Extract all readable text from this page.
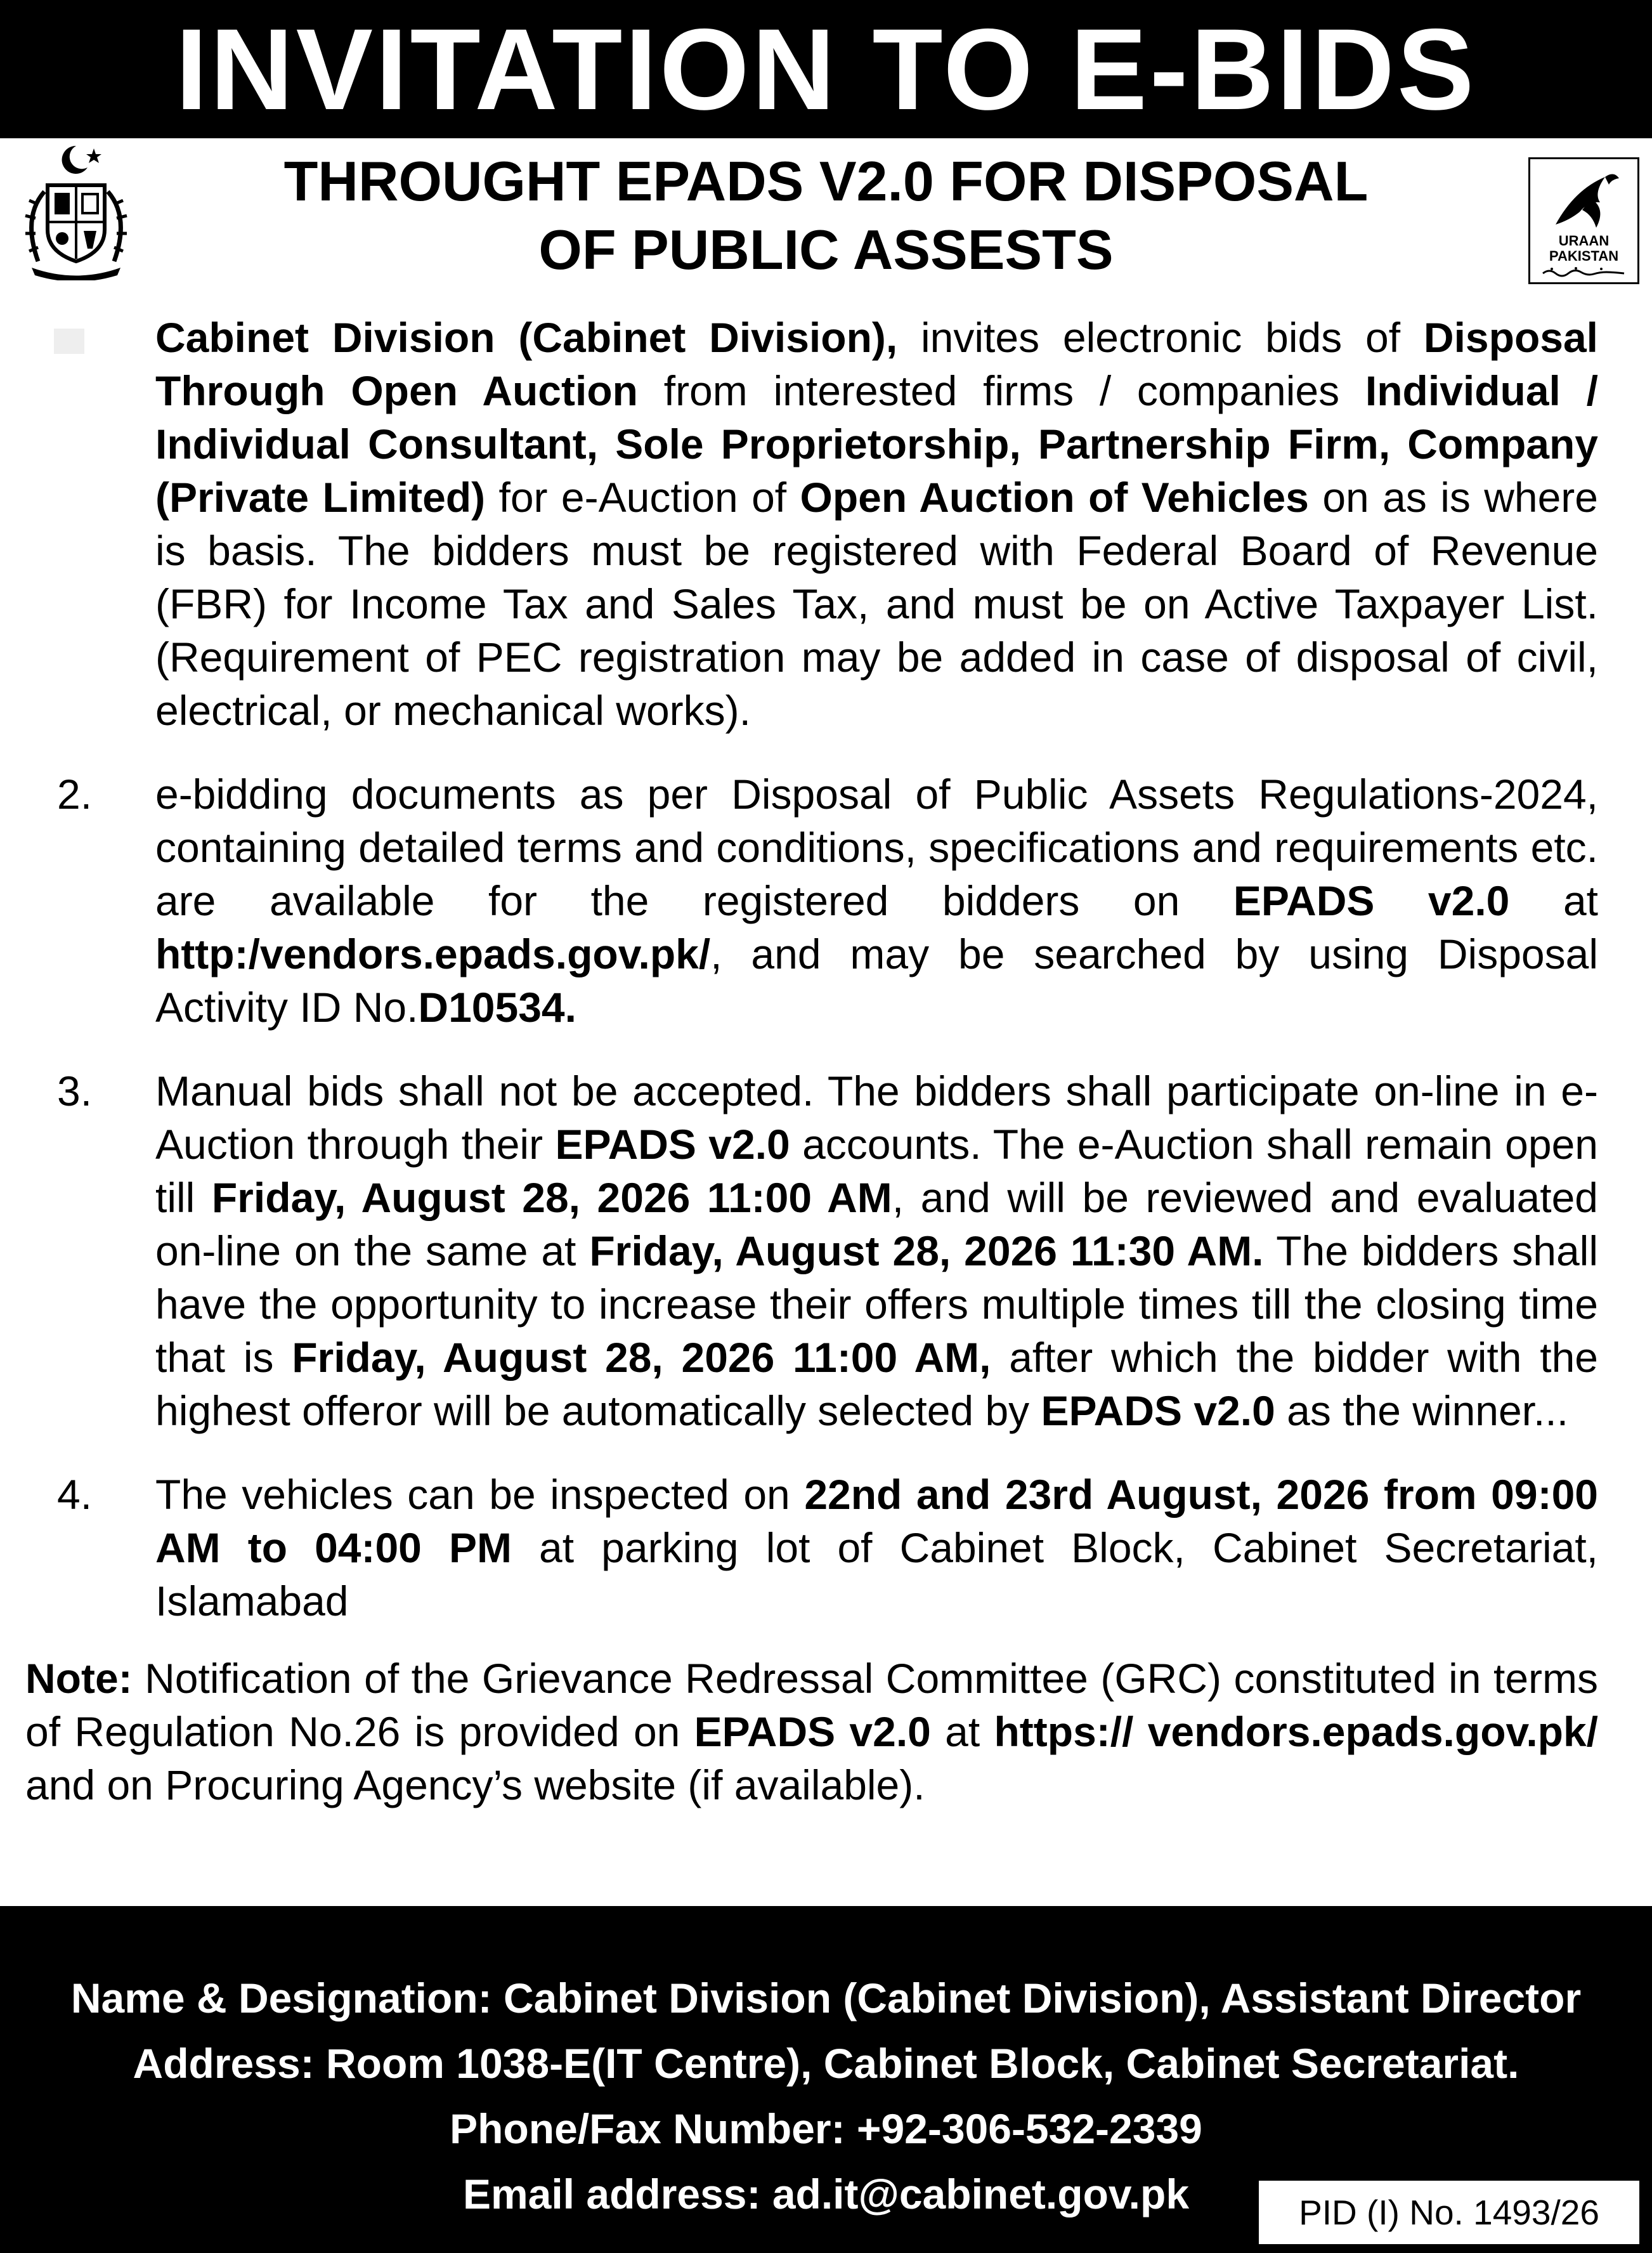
INVITATION TO E-BIDS
THROUGHT EPADS V2.0 FOR DISPOSAL
OF PUBLIC ASSESTS	URAAN
PAKISTAN
Cabinet Division (Cabinet Division), invites electronic bids of Disposal Through Open Auction from interested firms / companies Individual / Individual Consultant, Sole Proprietorship, Partnership Firm, Company (Private Limited) for e-Auction of Open Auction of Vehicles on as is where is basis. The bidders must be registered with Federal Board of Revenue (FBR) for Income Tax and Sales Tax, and must be on Active Taxpayer List. (Requirement of PEC registration may be added in case of disposal of civil, electrical, or mechanical works).
2.	e-bidding documents as per Disposal of Public Assets Regulations-2024, containing detailed terms and conditions, specifications and requirements etc. are available for the registered bidders on EPADS v2.0 at http:/vendors.epads.gov.pk/, and may be searched by using Disposal Activity ID No.D10534.
3.	Manual bids shall not be accepted. The bidders shall participate on-line in e-Auction through their EPADS v2.0 accounts. The e-Auction shall remain open till Friday, August 28, 2026 11:00 AM, and will be reviewed and evaluated on-line on the same at Friday, August 28, 2026 11:30 AM. The bidders shall have the opportunity to increase their offers multiple times till the closing time that is Friday, August 28, 2026 11:00 AM, after which the bidder with the highest offeror will be automatically selected by EPADS v2.0 as the winner...
4.	The vehicles can be inspected on 22nd and 23rd August, 2026 from 09:00 AM to 04:00 PM at parking lot of Cabinet Block, Cabinet Secretariat, Islamabad
Note: Notification of the Grievance Redressal Committee (GRC) constituted in terms of Regulation No.26 is provided on EPADS v2.0 at https:// vendors.epads.gov.pk/ and on Procuring Agency’s website (if available).
Name & Designation: Cabinet Division (Cabinet Division), Assistant Director
Address: Room 1038-E(IT Centre), Cabinet Block, Cabinet Secretariat.
Phone/Fax Number: +92-306-532-2339
Email address: ad.it@cabinet.gov.pk	PID (I) No. 1493/26
